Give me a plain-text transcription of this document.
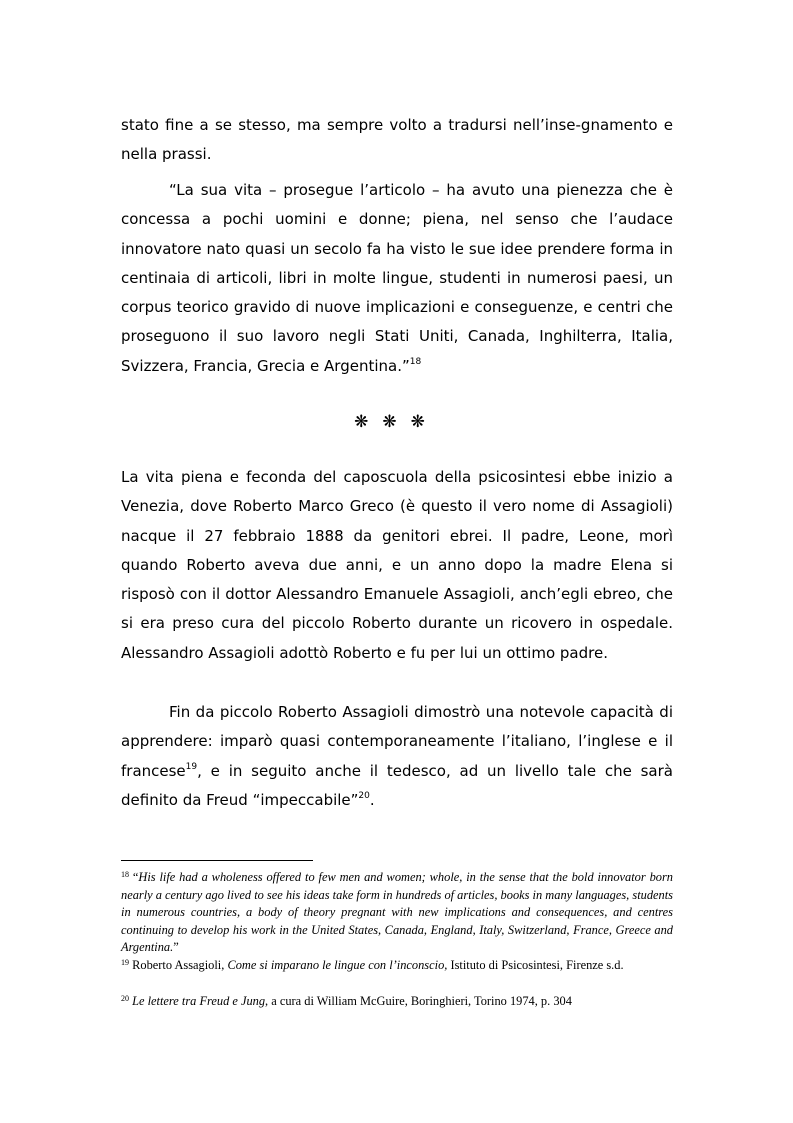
stato fine a se stesso, ma sempre volto a tradursi nell’inse-gnamento e nella prassi.

“La sua vita – prosegue l’articolo – ha avuto una pienezza che è concessa a pochi uomini e donne; piena, nel senso che l’audace innovatore nato quasi un secolo fa ha visto le sue idee prendere forma in centinaia di articoli, libri in molte lingue, studenti in numerosi paesi, un corpus teorico gravido di nuove implicazioni e conseguenze, e centri che proseguono il suo lavoro negli Stati Uniti, Canada, Inghilterra, Italia, Svizzera, Francia, Grecia e Argentina.”$^{18}$

❋❋❋

La vita piena e feconda del caposcuola della psicosintesi ebbe inizio a Venezia, dove Roberto Marco Greco (è questo il vero nome di Assagioli) nacque il 27 febbraio 1888 da genitori ebrei. Il padre, Leone, morì quando Roberto aveva due anni, e un anno dopo la madre Elena si risposò con il dottor Alessandro Emanuele Assagioli, anch’egli ebreo, che si era preso cura del piccolo Roberto durante un ricovero in ospedale. Alessandro Assagioli adottò Roberto e fu per lui un ottimo padre.

Fin da piccolo Roberto Assagioli dimostrò una notevole capacità di apprendere: imparò quasi contemporaneamente l’italiano, l’inglese e il francese$^{19}$, e in seguito anche il tedesco, ad un livello tale che sarà definito da Freud “impeccabile”$^{20}$.

$^{18}$ “His life had a wholeness offered to few men and women; whole, in the sense that the bold innovator born nearly a century ago lived to see his ideas take form in hundreds of articles, books in many languages, students in numerous countries, a body of theory pregnant with new implications and consequences, and centres continuing to develop his work in the United States, Canada, England, Italy, Switzerland, France, Greece and Argentina.”

$^{19}$ Roberto Assagioli, Come si imparano le lingue con l’inconscio, Istituto di Psicosintesi, Firenze s.d.

$^{20}$ Le lettere tra Freud e Jung, a cura di William McGuire, Boringhieri, Torino 1974, p. 304
